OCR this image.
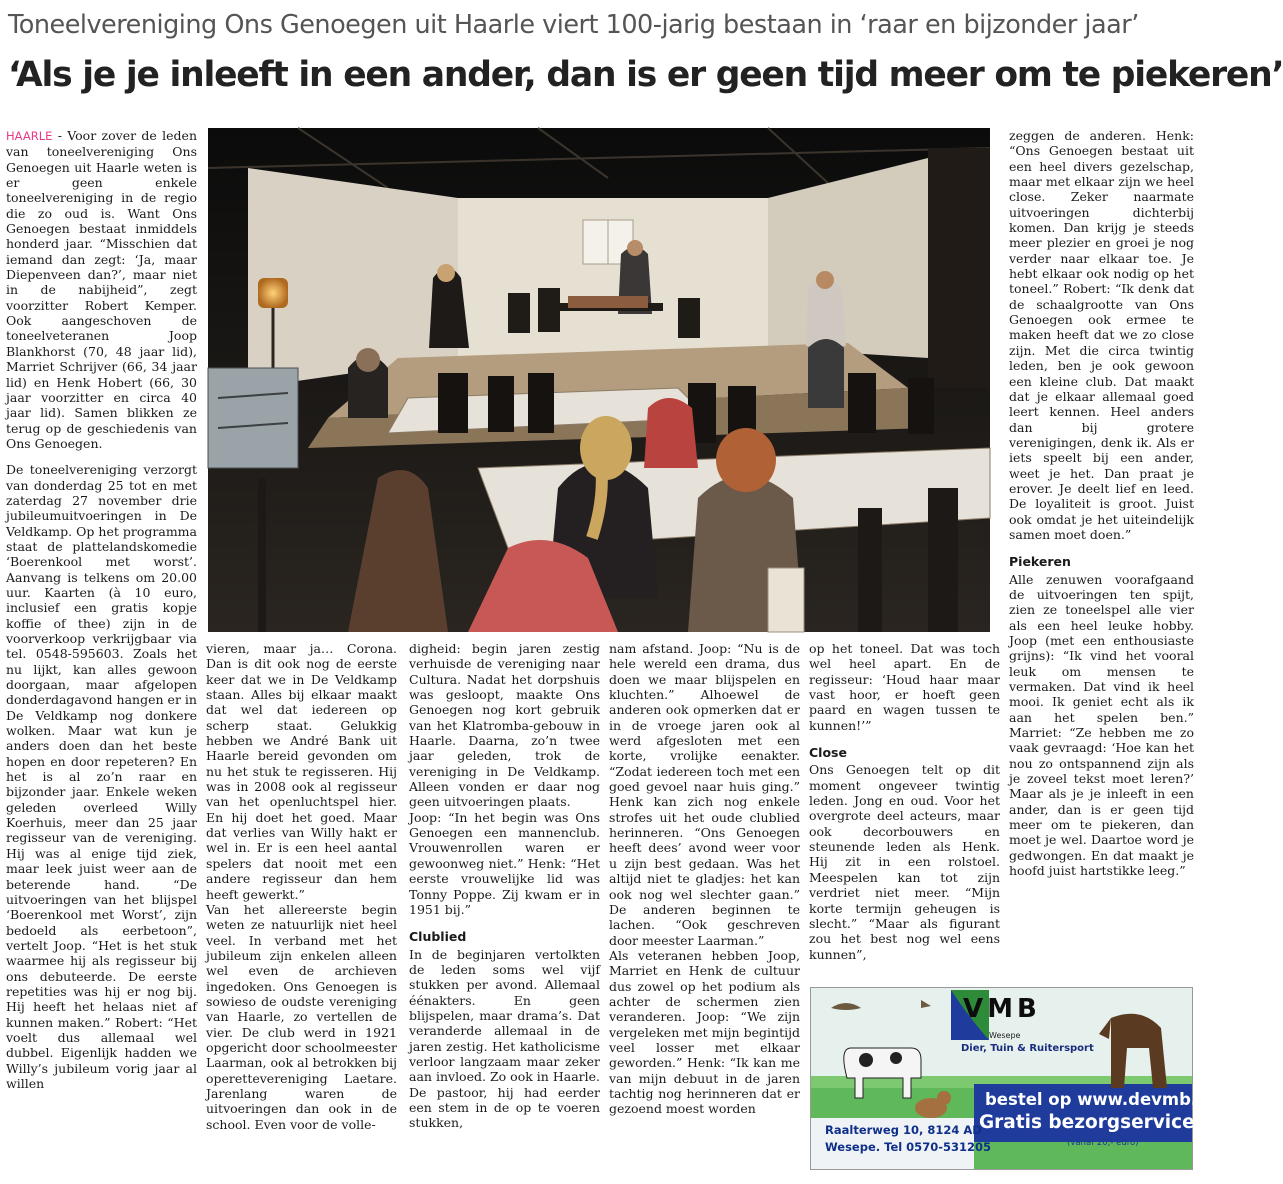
Toneelvereniging Ons Genoegen uit Haarle viert 100-jarig bestaan in ‘raar en bijzonder jaar’
‘Als je je inleeft in een ander, dan is er geen tijd meer om te piekeren’

HAARLE - Voor zover de leden van toneelvereniging Ons Genoegen uit Haarle weten is er geen enkele toneelvereniging in de regio die zo oud is. Want Ons Genoegen bestaat inmiddels honderd jaar. “Misschien dat iemand dan zegt: ‘Ja, maar Diepenveen dan?’, maar niet in de nabijheid”, zegt voorzitter Robert Kemper. Ook aangeschoven de toneelveteranen Joop Blankhorst (70, 48 jaar lid), Marriet Schrijver (66, 34 jaar lid) en Henk Hobert (66, 30 jaar voorzitter en circa 40 jaar lid). Samen blikken ze terug op de geschiedenis van Ons Genoegen.

De toneelvereniging verzorgt van donderdag 25 tot en met zaterdag 27 november drie jubileumuitvoeringen in De Veldkamp. Op het programma staat de plattelandskomedie ‘Boerenkool met worst’. Aanvang is telkens om 20.00 uur. Kaarten (à 10 euro, inclusief een gratis kopje koffie of thee) zijn in de voorverkoop verkrijgbaar via tel. 0548-595603. Zoals het nu lijkt, kan alles gewoon doorgaan, maar afgelopen donderdagavond hangen er in De Veldkamp nog donkere wolken. Maar wat kun je anders doen dan het beste hopen en door repeteren? En het is al zo’n raar en bijzonder jaar. Enkele weken geleden overleed Willy Koerhuis, meer dan 25 jaar regisseur van de vereniging. Hij was al enige tijd ziek, maar leek juist weer aan de beterende hand. “De uitvoeringen van het blijspel ‘Boerenkool met Worst’, zijn bedoeld als eerbetoon”, vertelt Joop. “Het is het stuk waarmee hij als regisseur bij ons debuteerde. De eerste repetities was hij er nog bij. Hij heeft het helaas niet af kunnen maken.” Robert: “Het voelt dus allemaal wel dubbel. Eigenlijk hadden we Willy’s jubileum vorig jaar al willen

vieren, maar ja… Corona. Dan is dit ook nog de eerste keer dat we in De Veldkamp staan. Alles bij elkaar maakt dat wel dat iedereen op scherp staat. Gelukkig hebben we André Bank uit Haarle bereid gevonden om nu het stuk te regisseren. Hij was in 2008 ook al regisseur van het openluchtspel hier. En hij doet het goed. Maar dat verlies van Willy hakt er wel in. Er is een heel aantal spelers dat nooit met een andere regisseur dan hem heeft gewerkt.”

Van het allereerste begin weten ze natuurlijk niet heel veel. In verband met het jubileum zijn enkelen alleen wel even de archieven ingedoken. Ons Genoegen is sowieso de oudste vereniging van Haarle, zo vertellen de vier. De club werd in 1921 opgericht door schoolmeester Laarman, ook al betrokken bij operettevereniging Laetare. Jarenlang waren de uitvoeringen dan ook in de school. Even voor de volle-

digheid: begin jaren zestig verhuisde de vereniging naar Cultura. Nadat het dorpshuis was gesloopt, maakte Ons Genoegen nog kort gebruik van het Klatromba-gebouw in Haarle. Daarna, zo’n twee jaar geleden, trok de vereniging in De Veldkamp. Alleen vonden er daar nog geen uitvoeringen plaats.

Joop: “In het begin was Ons Genoegen een mannenclub. Vrouwenrollen waren er gewoonweg niet.” Henk: “Het eerste vrouwelijke lid was Tonny Poppe. Zij kwam er in 1951 bij.”

Clublied

In de beginjaren vertolkten de leden soms wel vijf stukken per avond. Allemaal éénakters. En geen blijspelen, maar drama’s. Dat veranderde allemaal in de jaren zestig. Het katholicisme verloor langzaam maar zeker aan invloed. Zo ook in Haarle. De pastoor, hij had eerder een stem in de op te voeren stukken,

nam afstand. Joop: “Nu is de hele wereld een drama, dus doen we maar blijspelen en kluchten.” Alhoewel de anderen ook opmerken dat er in de vroege jaren ook al werd afgesloten met een korte, vrolijke eenakter. “Zodat iedereen toch met een goed gevoel naar huis ging.” Henk kan zich nog enkele strofes uit het oude clublied herinneren. “Ons Genoegen heeft dees’ avond weer voor u zijn best gedaan. Was het altijd niet te gladjes: het kan ook nog wel slechter gaan.” De anderen beginnen te lachen. “Ook geschreven door meester Laarman.”

Als veteranen hebben Joop, Marriet en Henk de cultuur dus zowel op het podium als achter de schermen zien veranderen. Joop: “We zijn vergeleken met mijn begintijd veel losser met elkaar geworden.” Henk: “Ik kan me van mijn debuut in de jaren tachtig nog herinneren dat er gezoend moest worden

op het toneel. Dat was toch wel heel apart. En de regisseur: ‘Houd haar maar vast hoor, er hoeft geen paard en wagen tussen te kunnen!’”

Close

Ons Genoegen telt op dit moment ongeveer twintig leden. Jong en oud. Voor het overgrote deel acteurs, maar ook decorbouwers en steunende leden als Henk. Hij zit in een rolstoel. Meespelen kan tot zijn verdriet niet meer. “Mijn korte termijn geheugen is slecht.” “Maar als figurant zou het best nog wel eens kunnen”,

zeggen de anderen. Henk: “Ons Genoegen bestaat uit een heel divers gezelschap, maar met elkaar zijn we heel close. Zeker naarmate uitvoeringen dichterbij komen. Dan krijg je steeds meer plezier en groei je nog verder naar elkaar toe. Je hebt elkaar ook nodig op het toneel.” Robert: “Ik denk dat de schaalgrootte van Ons Genoegen ook ermee te maken heeft dat we zo close zijn. Met die circa twintig leden, ben je ook gewoon een kleine club. Dat maakt dat je elkaar allemaal goed leert kennen. Heel anders dan bij grotere verenigingen, denk ik. Als er iets speelt bij een ander, weet je het. Dan praat je erover. Je deelt lief en leed. De loyaliteit is groot. Juist ook omdat je het uiteindelijk samen moet doen.”

Piekeren

Alle zenuwen voorafgaand de uitvoeringen ten spijt, zien ze toneelspel alle vier als een heel leuke hobby. Joop (met een enthousiaste grijns): “Ik vind het vooral leuk om mensen te vermaken. Dat vind ik heel mooi. Ik geniet echt als ik aan het spelen ben.” Marriet: “Ze hebben me zo vaak gevraagd: ‘Hoe kan het nou zo ontspannend zijn als je zoveel tekst moet leren?’ Maar als je je inleeft in een ander, dan is er geen tijd meer om te piekeren, dan moet je wel. Daartoe word je gedwongen. En dat maakt je hoofd juist hartstikke leeg.”

VMB
Wesepe
Dier, Tuin & Ruitersport
bestel op www.devmb.nl
Gratis bezorgservice
(vanaf 20,- euro)
Raalterweg 10, 8124 AD
Wesepe. Tel 0570-531205
